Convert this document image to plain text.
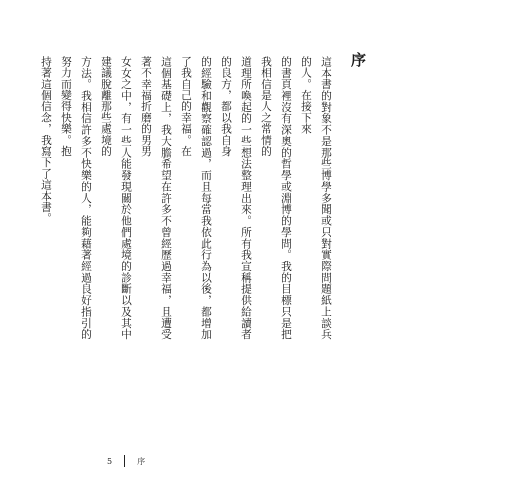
序
這本書的對象不是那些博學多聞或只對實際問題紙上談兵的人。在接下來
的書頁裡沒有深奧的哲學或淵博的學問。我的目標只是把我相信是人之常情的
道理所喚起的一些想法整理出來。所有我宣稱提供給讀者的良方，都以我自身
的經驗和觀察確認過，而且每當我依此行為以後，都增加了我自己的幸福。在
這個基礎上，我大膽希望在許多不曾經歷過幸福，且遭受著不幸福折磨的男男
女女之中，有一些人能發現關於他們處境的診斷以及其中建議脫離那些處境的
方法。我相信許多不快樂的人，能夠藉著經過良好指引的努力而變得快樂。抱
持著這個信念，我寫下了這本書。
5	序
